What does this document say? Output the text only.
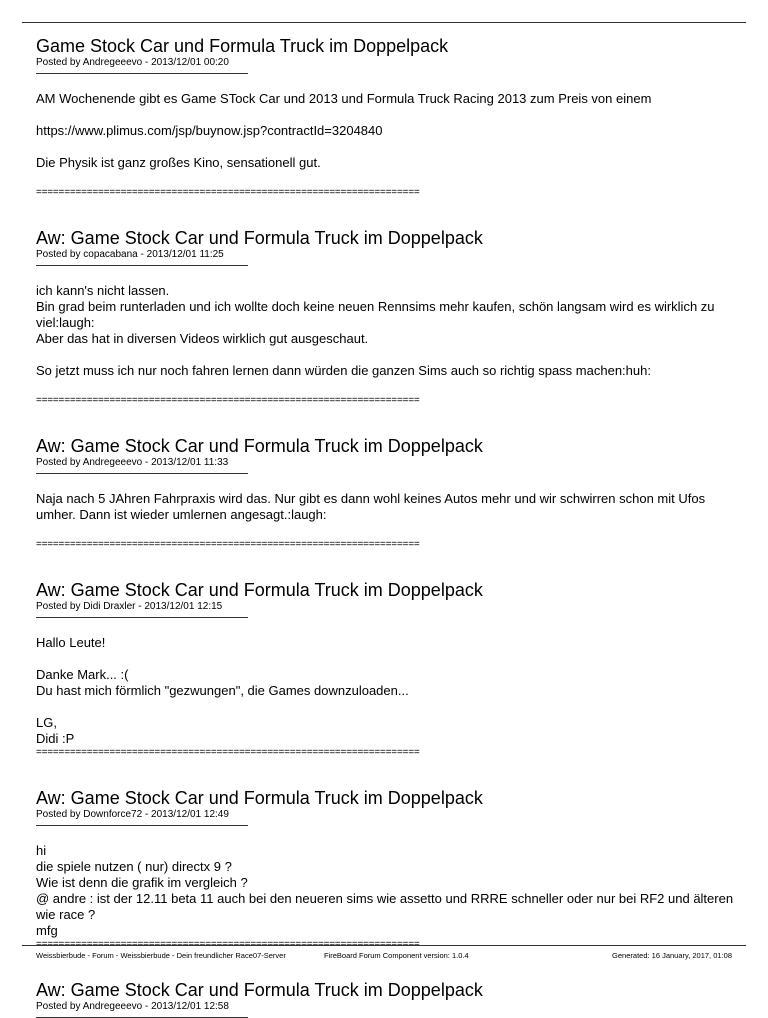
Game Stock Car und Formula Truck im Doppelpack
Posted by Andregeeevo - 2013/12/01 00:20

AM Wochenende gibt es Game STock Car und 2013 und Formula Truck Racing 2013 zum Preis von einem

https://www.plimus.com/jsp/buynow.jsp?contractId=3204840

Die Physik ist ganz großes Kino, sensationell gut.

====================================================================
Aw: Game Stock Car und Formula Truck im Doppelpack
Posted by copacabana - 2013/12/01 11:25

ich kann's nicht lassen.
Bin grad beim runterladen und ich wollte doch keine neuen Rennsims mehr kaufen, schön langsam wird es wirklich zu viel:laugh:
Aber das hat in diversen Videos wirklich gut ausgeschaut.

So jetzt muss ich nur noch fahren lernen dann würden die ganzen Sims auch so richtig spass machen:huh:

====================================================================
Aw: Game Stock Car und Formula Truck im Doppelpack
Posted by Andregeeevo - 2013/12/01 11:33

Naja nach 5 JAhren Fahrpraxis wird das. Nur gibt es dann wohl keines Autos mehr und wir schwirren schon mit Ufos umher. Dann ist wieder umlernen angesagt.:laugh:

====================================================================
Aw: Game Stock Car und Formula Truck im Doppelpack
Posted by Didi Draxler - 2013/12/01 12:15

Hallo Leute!

Danke Mark... :(
Du hast mich förmlich "gezwungen", die Games downzuloaden...

LG,
Didi :P

====================================================================
Aw: Game Stock Car und Formula Truck im Doppelpack
Posted by Downforce72 - 2013/12/01 12:49

hi
die spiele nutzen ( nur) directx 9 ?
Wie ist denn die grafik im vergleich ?
@ andre : ist der 12.11 beta 11 auch bei den neueren sims wie assetto und RRRE schneller oder nur bei RF2 und älteren wie race ?
mfg

====================================================================
Aw: Game Stock Car und Formula Truck im Doppelpack
Posted by Andregeeevo - 2013/12/01 12:58
Weissbierbude - Forum - Weissbierbude - Dein freundlicher Race07-Server	FireBoard Forum Component version: 1.0.4	Generated: 16 January, 2017, 01:08
